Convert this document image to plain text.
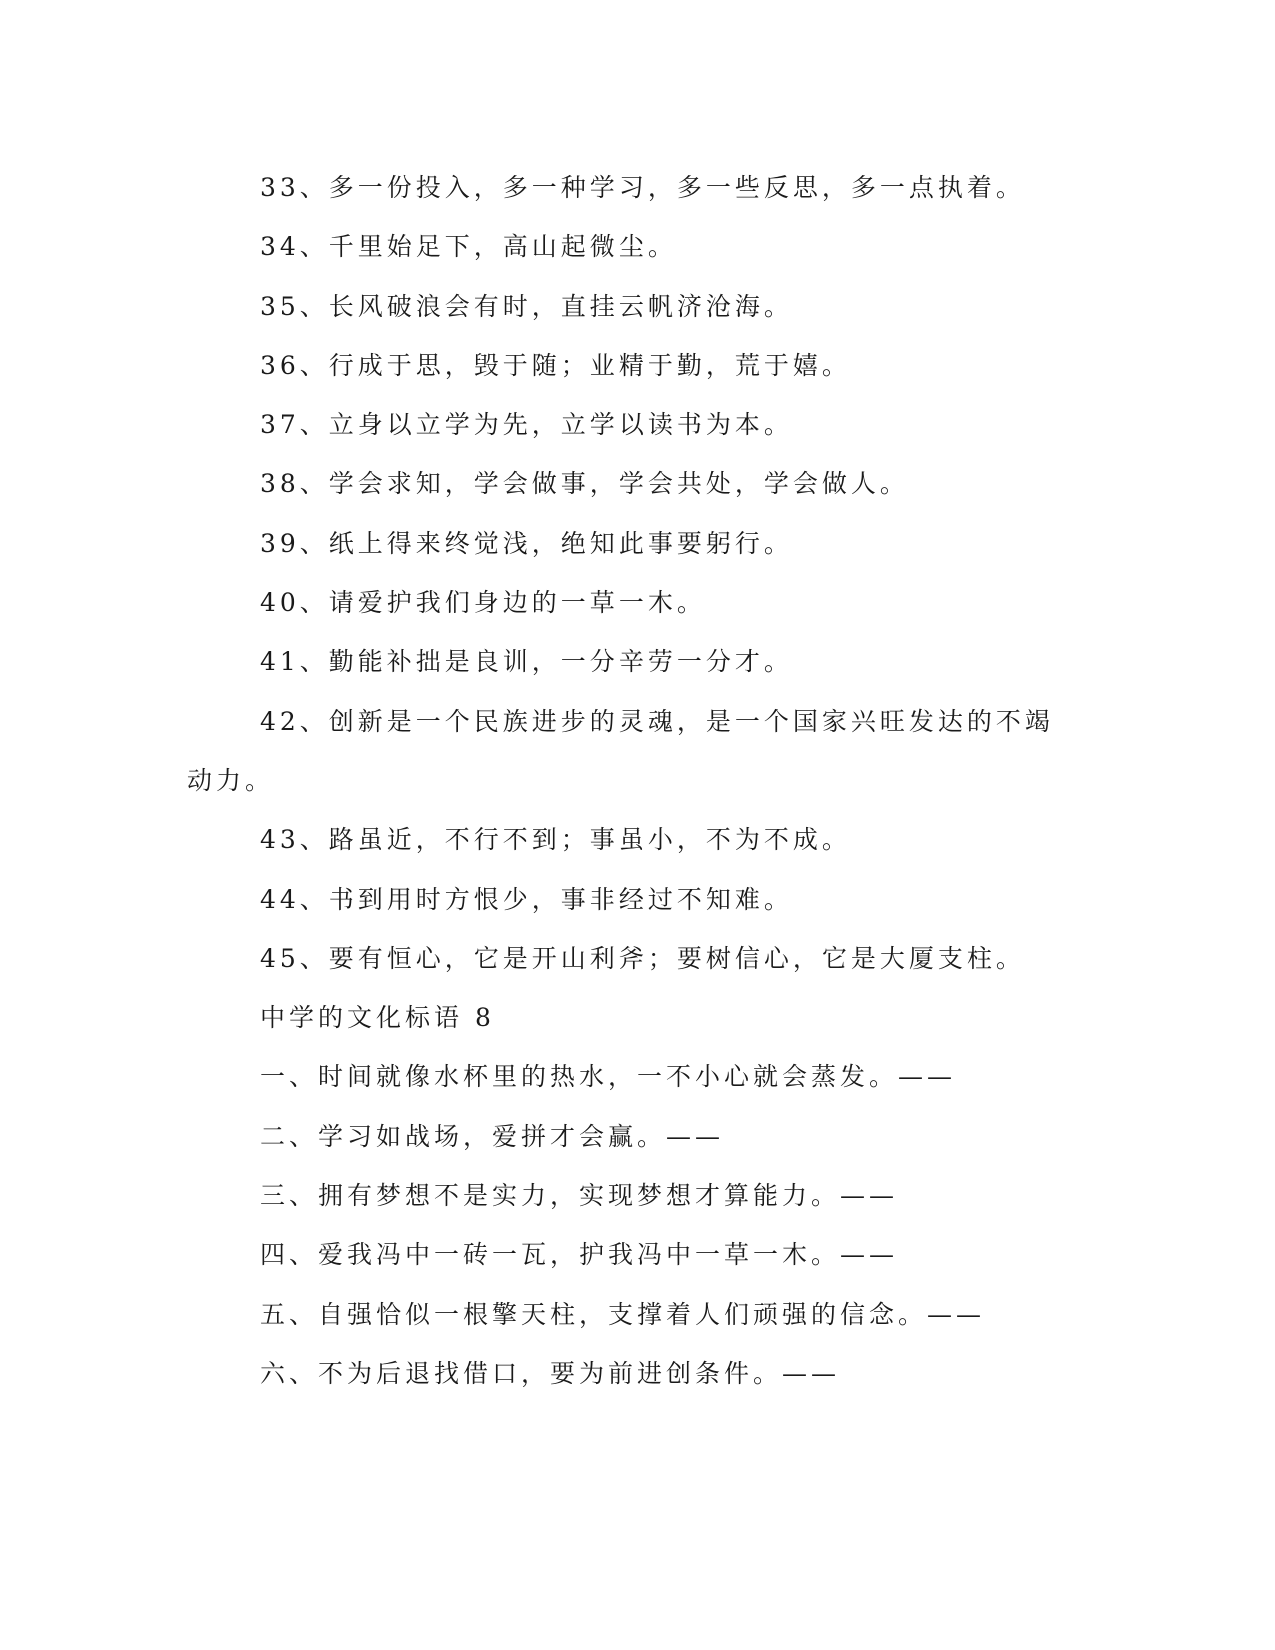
33、多一份投入，多一种学习，多一些反思，多一点执着。
34、千里始足下，高山起微尘。
35、长风破浪会有时，直挂云帆济沧海。
36、行成于思，毁于随；业精于勤，荒于嬉。
37、立身以立学为先，立学以读书为本。
38、学会求知，学会做事，学会共处，学会做人。
39、纸上得来终觉浅，绝知此事要躬行。
40、请爱护我们身边的一草一木。
41、勤能补拙是良训，一分辛劳一分才。
42、创新是一个民族进步的灵魂，是一个国家兴旺发达的不竭动力。
43、路虽近，不行不到；事虽小，不为不成。
44、书到用时方恨少，事非经过不知难。
45、要有恒心，它是开山利斧；要树信心，它是大厦支柱。
中学的文化标语 8
一、时间就像水杯里的热水，一不小心就会蒸发。——
二、学习如战场，爱拼才会赢。——
三、拥有梦想不是实力，实现梦想才算能力。——
四、爱我冯中一砖一瓦，护我冯中一草一木。——
五、自强恰似一根擎天柱，支撑着人们顽强的信念。——
六、不为后退找借口，要为前进创条件。——
